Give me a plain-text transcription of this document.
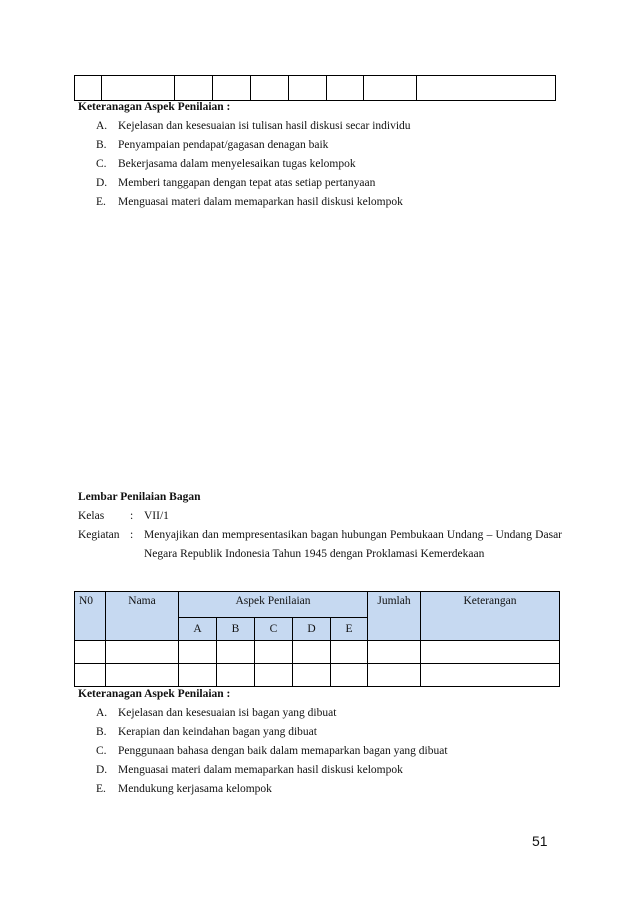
Keteranagan Aspek Penilaian :
A. Kejelasan dan kesesuaian isi tulisan hasil diskusi secar individu
B. Penyampaian pendapat/gagasan denagan baik
C. Bekerjasama dalam menyelesaikan tugas kelompok
D. Memberi tanggapan dengan tepat atas setiap pertanyaan
E. Menguasai materi dalam memaparkan hasil diskusi kelompok
Lembar Penilaian Bagan
Kelas	: VII/1
Kegiatan : Menyajikan dan mempresentasikan bagan hubungan Pembukaan Undang – Undang Dasar Negara Republik Indonesia Tahun 1945 dengan Proklamasi Kemerdekaan
N0	Nama	Aspek Penilaian					Jumlah	Keterangan
		A	B	C	D	E		

Keteranagan Aspek Penilaian :
A. Kejelasan dan kesesuaian isi bagan yang dibuat
B. Kerapian dan keindahan bagan yang dibuat
C. Penggunaan bahasa dengan baik dalam memaparkan bagan yang dibuat
D. Menguasai materi dalam memaparkan hasil diskusi kelompok
E. Mendukung kerjasama kelompok
51
